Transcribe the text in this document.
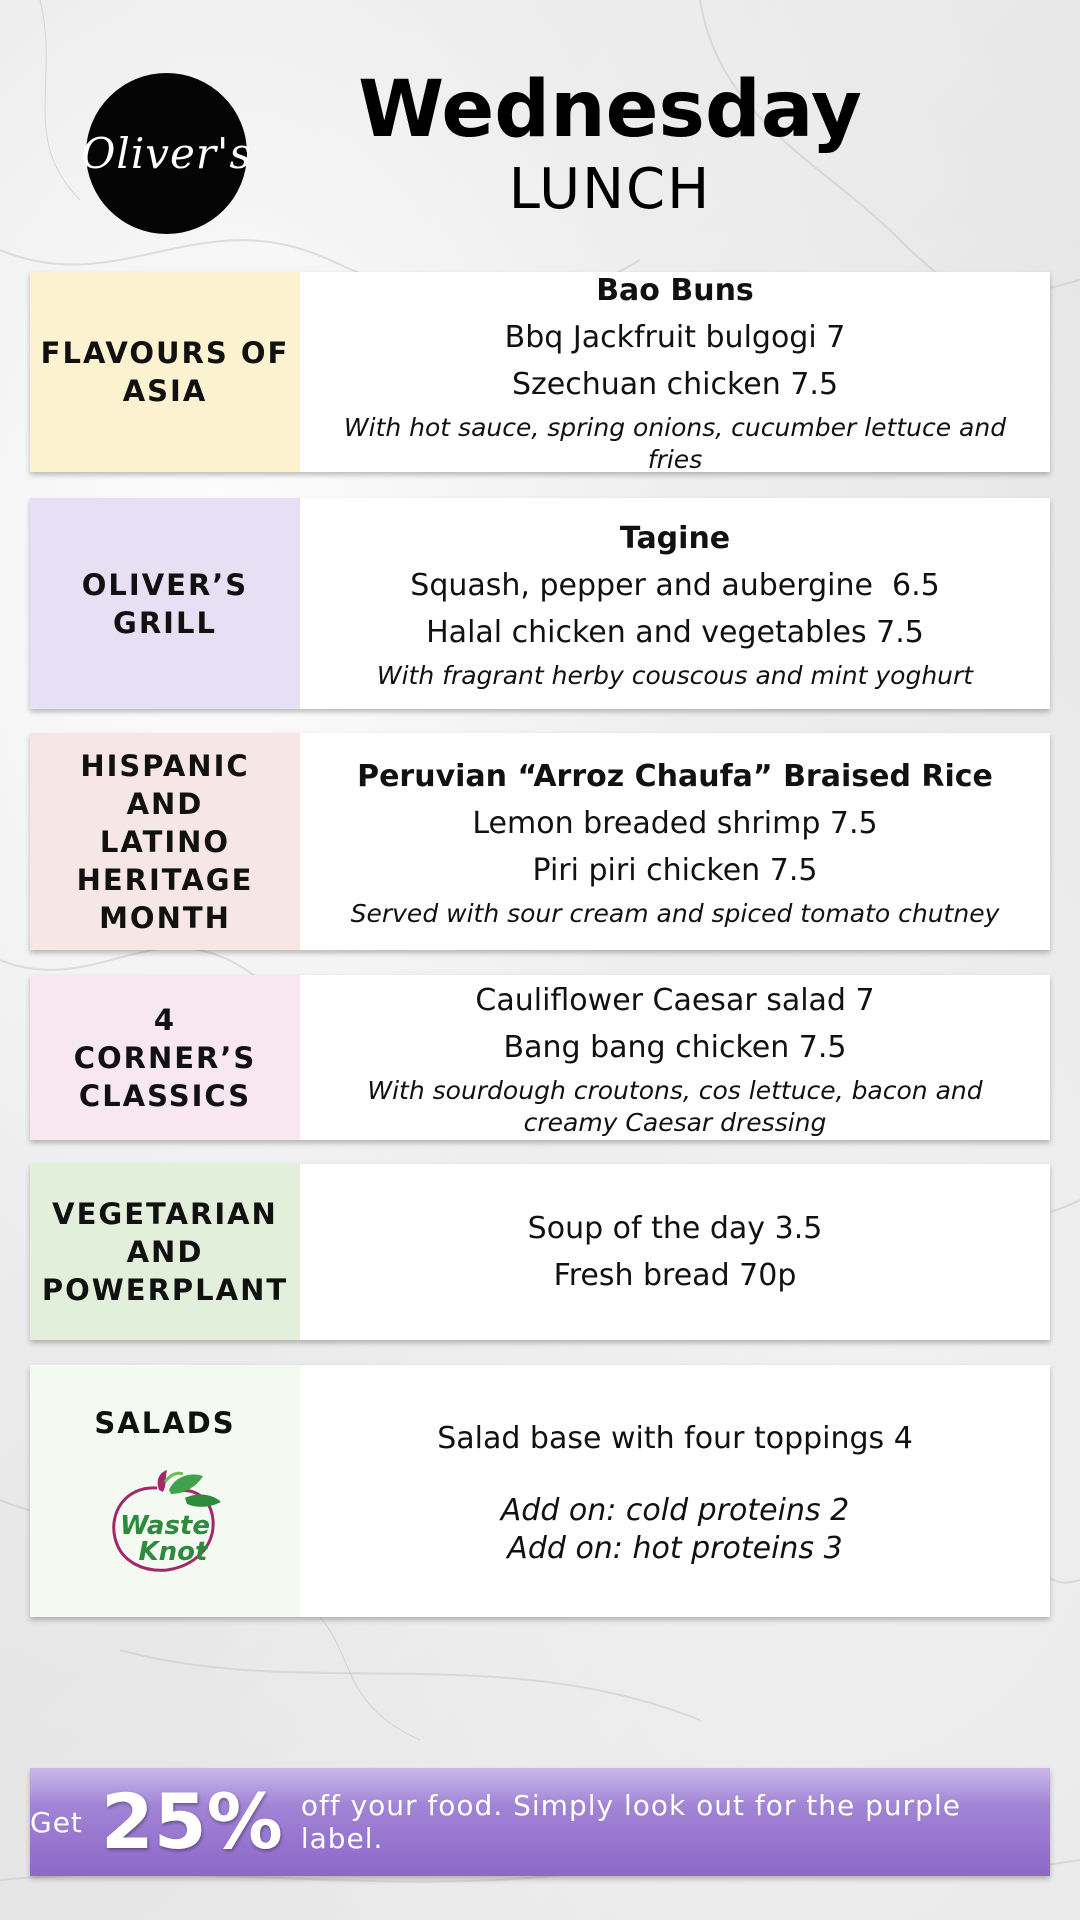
Oliver's	Wednesday
LUNCH
FLAVOURS OF ASIA
Bao Buns
Bbq Jackfruit bulgogi 7
Szechuan chicken 7.5
With hot sauce, spring onions, cucumber lettuce and fries
OLIVER’S GRILL
Tagine
Squash, pepper and aubergine  6.5
Halal chicken and vegetables 7.5
With fragrant herby couscous and mint yoghurt
HISPANIC AND LATINO HERITAGE MONTH
Peruvian “Arroz Chaufa” Braised Rice
Lemon breaded shrimp 7.5
Piri piri chicken 7.5
Served with sour cream and spiced tomato chutney
4 CORNER’S CLASSICS
Cauliflower Caesar salad 7
Bang bang chicken 7.5
With sourdough croutons, cos lettuce, bacon and creamy Caesar dressing
VEGETARIAN AND POWERPLANT
Soup of the day 3.5
Fresh bread 70p
SALADS
Waste
Knot
Salad base with four toppings 4
Add on: cold proteins 2
Add on: hot proteins 3
Get 25% off your food. Simply look out for the purple label.
